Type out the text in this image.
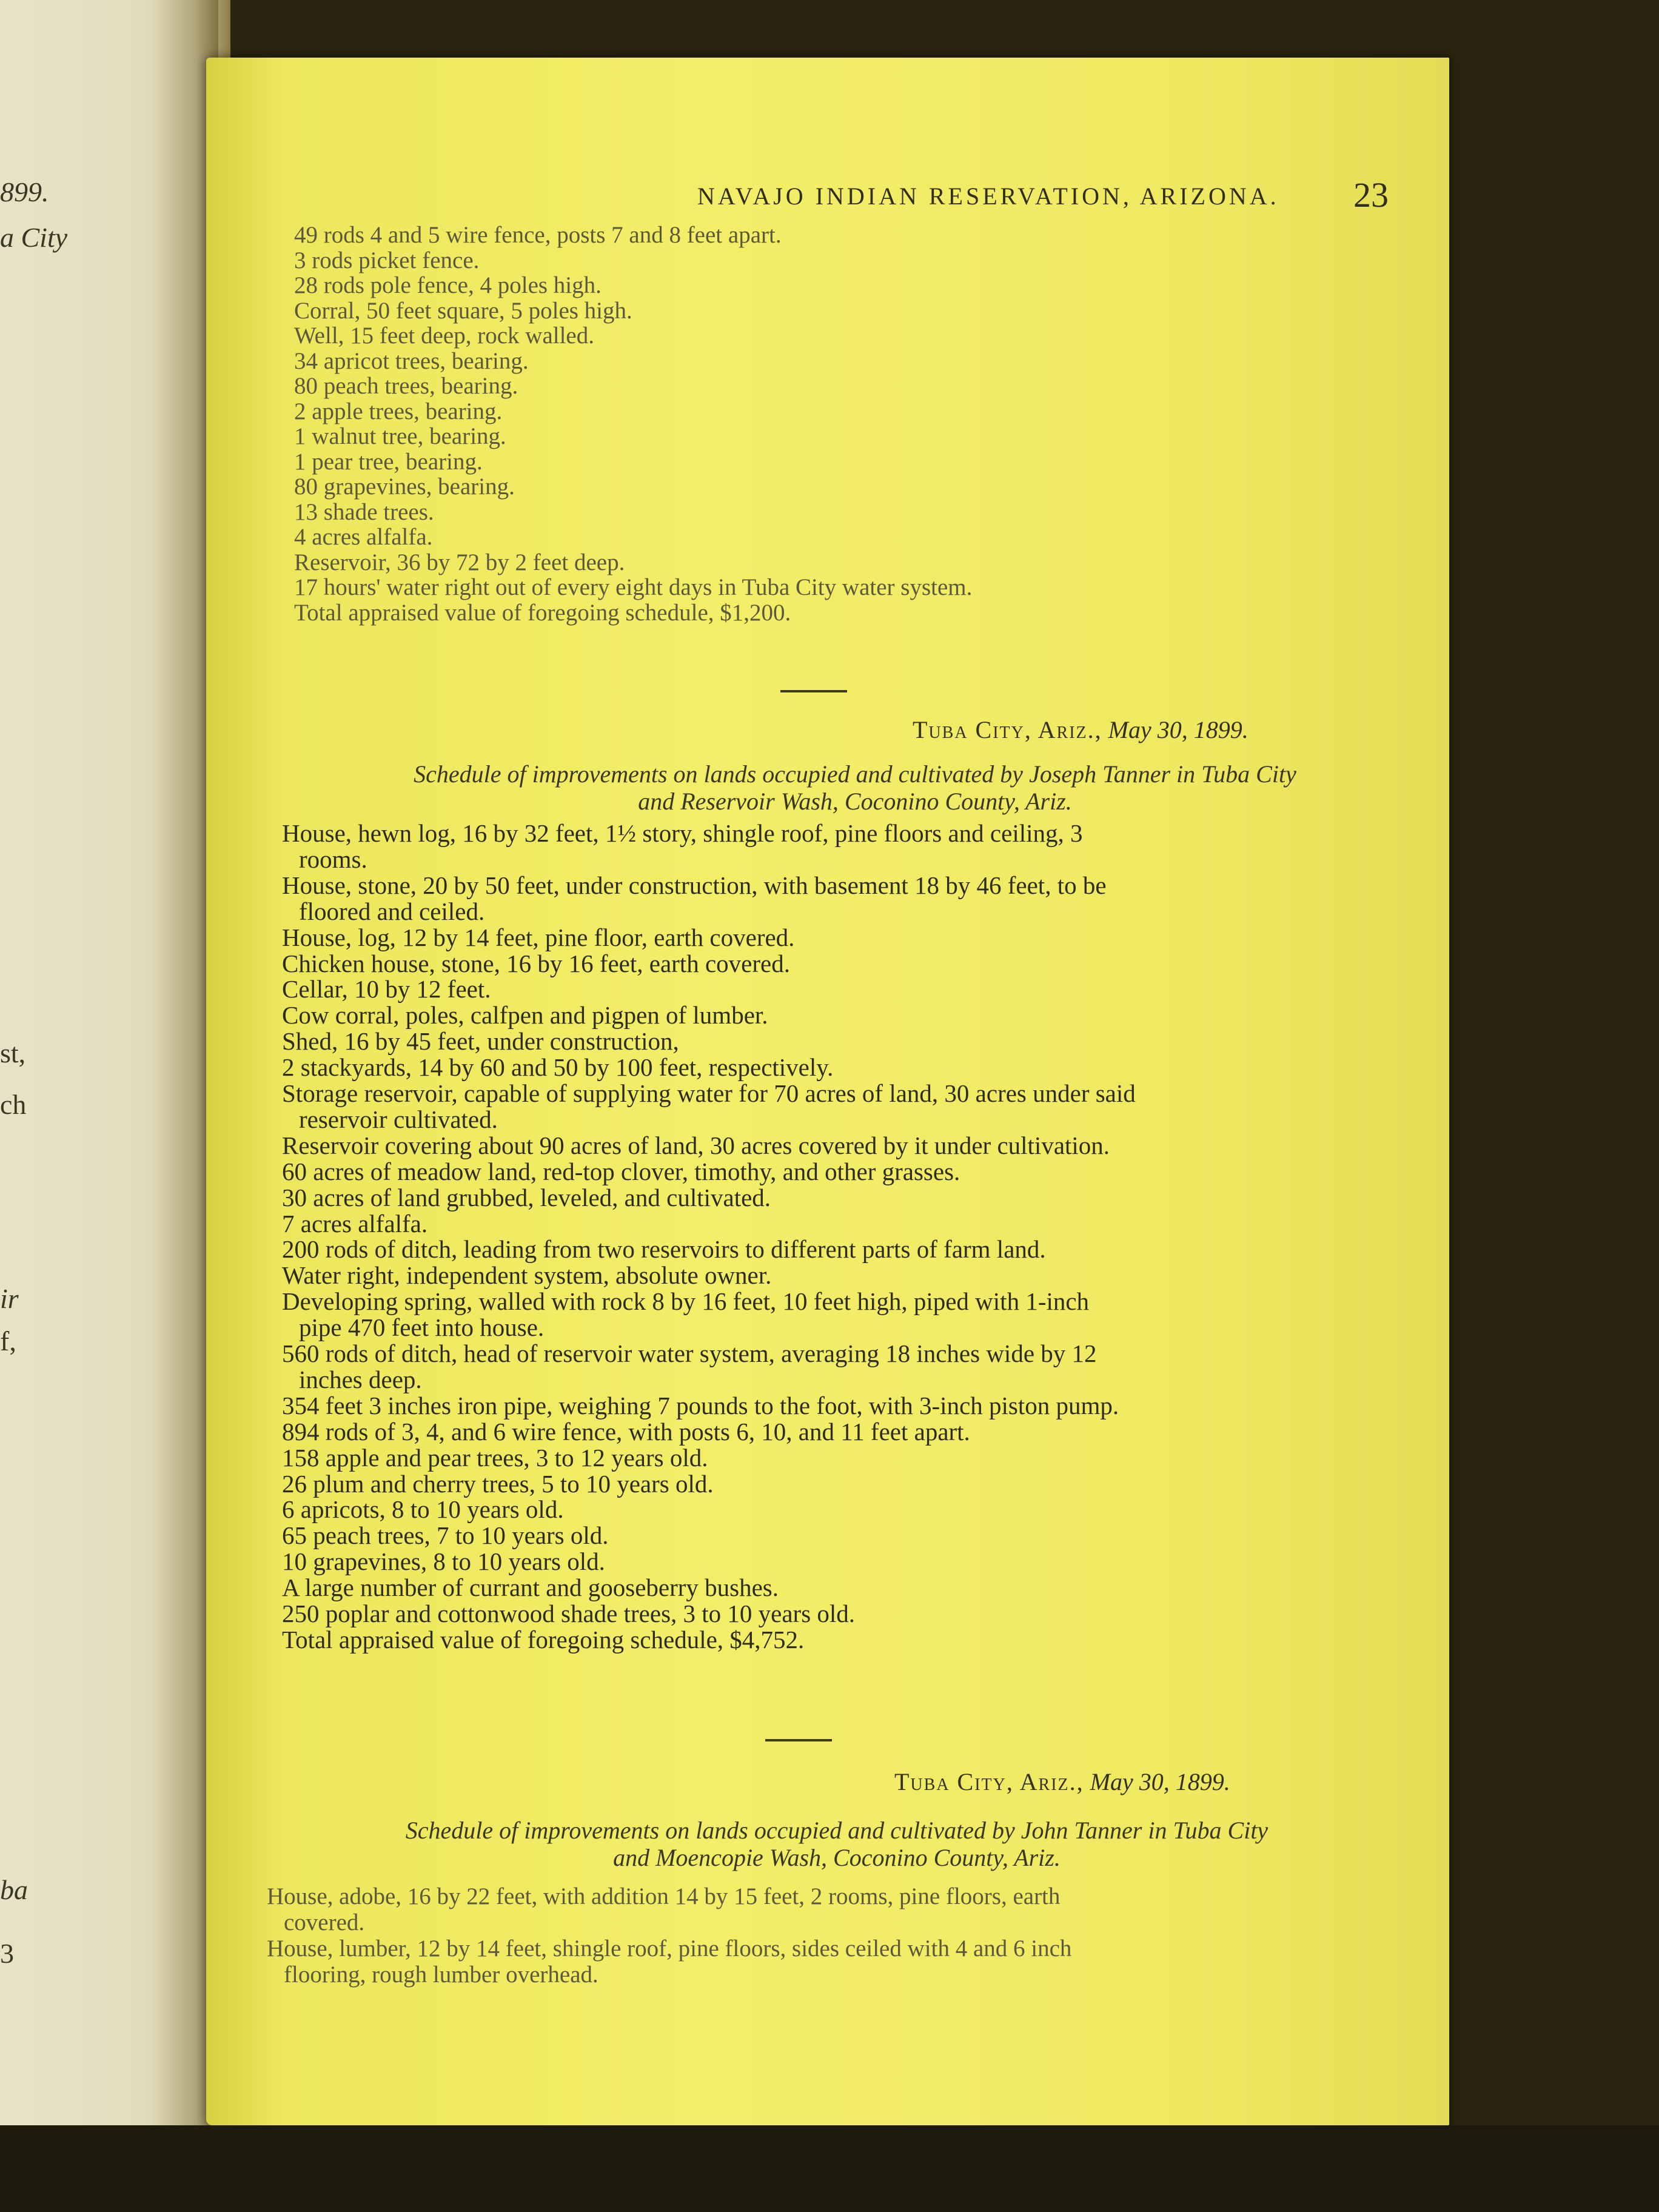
899.
a City
st,
ch
ir
f,
ba
3
NAVAJO INDIAN RESERVATION, ARIZONA. 23
49 rods 4 and 5 wire fence, posts 7 and 8 feet apart.
3 rods picket fence.
28 rods pole fence, 4 poles high.
Corral, 50 feet square, 5 poles high.
Well, 15 feet deep, rock walled.
34 apricot trees, bearing.
80 peach trees, bearing.
2 apple trees, bearing.
1 walnut tree, bearing.
1 pear tree, bearing.
80 grapevines, bearing.
13 shade trees.
4 acres alfalfa.
Reservoir, 36 by 72 by 2 feet deep.
17 hours' water right out of every eight days in Tuba City water system.
Total appraised value of foregoing schedule, $1,200.
Tuba City, Ariz., May 30, 1899.
Schedule of improvements on lands occupied and cultivated by Joseph Tanner in Tuba City
and Reservoir Wash, Coconino County, Ariz.
House, hewn log, 16 by 32 feet, 1½ story, shingle roof, pine floors and ceiling, 3
rooms.
House, stone, 20 by 50 feet, under construction, with basement 18 by 46 feet, to be
floored and ceiled.
House, log, 12 by 14 feet, pine floor, earth covered.
Chicken house, stone, 16 by 16 feet, earth covered.
Cellar, 10 by 12 feet.
Cow corral, poles, calfpen and pigpen of lumber.
Shed, 16 by 45 feet, under construction,
2 stackyards, 14 by 60 and 50 by 100 feet, respectively.
Storage reservoir, capable of supplying water for 70 acres of land, 30 acres under said
reservoir cultivated.
Reservoir covering about 90 acres of land, 30 acres covered by it under cultivation.
60 acres of meadow land, red-top clover, timothy, and other grasses.
30 acres of land grubbed, leveled, and cultivated.
7 acres alfalfa.
200 rods of ditch, leading from two reservoirs to different parts of farm land.
Water right, independent system, absolute owner.
Developing spring, walled with rock 8 by 16 feet, 10 feet high, piped with 1-inch
pipe 470 feet into house.
560 rods of ditch, head of reservoir water system, averaging 18 inches wide by 12
inches deep.
354 feet 3 inches iron pipe, weighing 7 pounds to the foot, with 3-inch piston pump.
894 rods of 3, 4, and 6 wire fence, with posts 6, 10, and 11 feet apart.
158 apple and pear trees, 3 to 12 years old.
26 plum and cherry trees, 5 to 10 years old.
6 apricots, 8 to 10 years old.
65 peach trees, 7 to 10 years old.
10 grapevines, 8 to 10 years old.
A large number of currant and gooseberry bushes.
250 poplar and cottonwood shade trees, 3 to 10 years old.
Total appraised value of foregoing schedule, $4,752.
Tuba City, Ariz., May 30, 1899.
Schedule of improvements on lands occupied and cultivated by John Tanner in Tuba City
and Moencopie Wash, Coconino County, Ariz.
House, adobe, 16 by 22 feet, with addition 14 by 15 feet, 2 rooms, pine floors, earth
covered.
House, lumber, 12 by 14 feet, shingle roof, pine floors, sides ceiled with 4 and 6 inch
flooring, rough lumber overhead.
